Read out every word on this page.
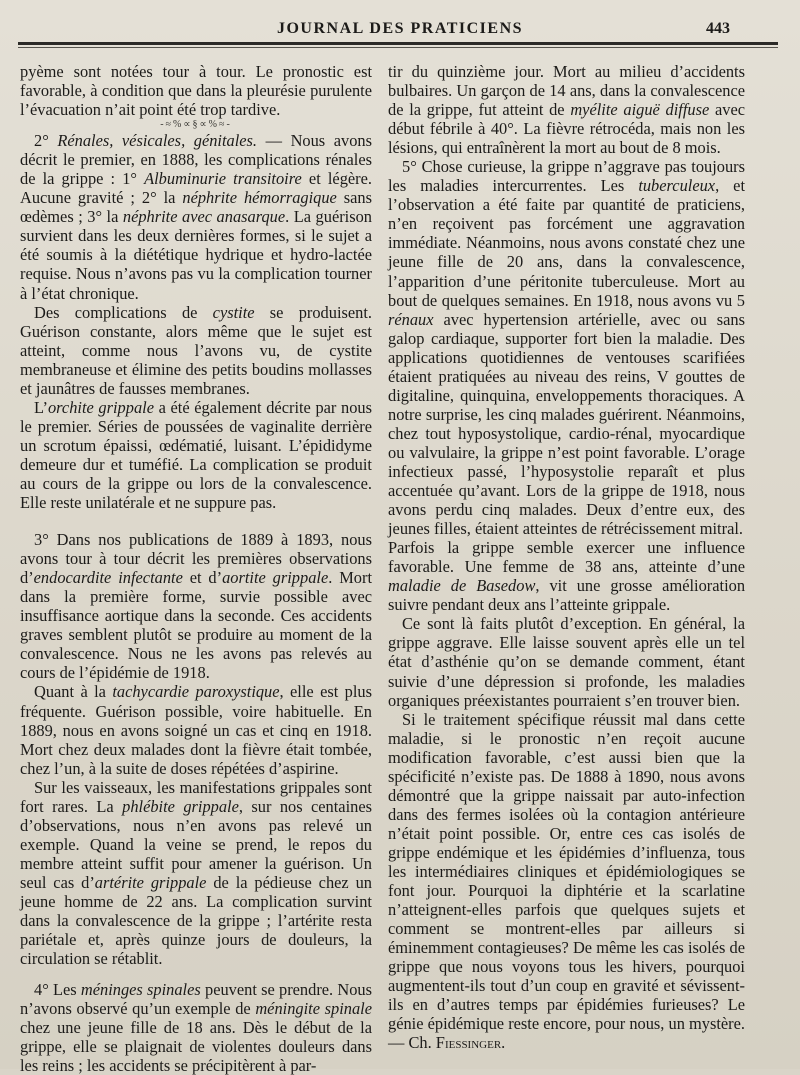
JOURNAL DES PRATICIENS	443

pyème sont notées tour à tour. Le pronostic est favorable, à condition que dans la pleurésie purulente l’évacuation n’ait point été trop tardive.

-≈%∝§∝%≈-

2° Rénales, vésicales, génitales. — Nous avons décrit le premier, en 1888, les complications rénales de la grippe : 1° Albuminurie transitoire et légère. Aucune gravité ; 2° la néphrite hémorragique sans œdèmes ; 3° la néphrite avec anasarque. La guérison survient dans les deux dernières formes, si le sujet a été soumis à la diététique hydrique et hydro-lactée requise. Nous n’avons pas vu la complication tourner à l’état chronique.

Des complications de cystite se produisent. Guérison constante, alors même que le sujet est atteint, comme nous l’avons vu, de cystite membraneuse et élimine des petits boudins mollasses et jaunâtres de fausses membranes.

L’orchite grippale a été également décrite par nous le premier. Séries de poussées de vaginalite derrière un scrotum épaissi, œdématié, luisant. L’épididyme demeure dur et tuméfié. La complication se produit au cours de la grippe ou lors de la convalescence. Elle reste unilatérale et ne suppure pas.

3° Dans nos publications de 1889 à 1893, nous avons tour à tour décrit les premières observations d’endocardite infectante et d’aortite grippale. Mort dans la première forme, survie possible avec insuffisance aortique dans la seconde. Ces accidents graves semblent plutôt se produire au moment de la convalescence. Nous ne les avons pas relevés au cours de l’épidémie de 1918.

Quant à la tachycardie paroxystique, elle est plus fréquente. Guérison possible, voire habituelle. En 1889, nous en avons soigné un cas et cinq en 1918. Mort chez deux malades dont la fièvre était tombée, chez l’un, à la suite de doses répétées d’aspirine.

Sur les vaisseaux, les manifestations grippales sont fort rares. La phlébite grippale, sur nos centaines d’observations, nous n’en avons pas relevé un exemple. Quand la veine se prend, le repos du membre atteint suffit pour amener la guérison. Un seul cas d’artérite grippale de la pédieuse chez un jeune homme de 22 ans. La complication survint dans la convalescence de la grippe ; l’artérite resta pariétale et, après quinze jours de douleurs, la circulation se rétablit.

4° Les méninges spinales peuvent se prendre. Nous n’avons observé qu’un exemple de méningite spinale chez une jeune fille de 18 ans. Dès le début de la grippe, elle se plaignait de violentes douleurs dans les reins ; les accidents se précipitèrent à par-

tir du quinzième jour. Mort au milieu d’accidents bulbaires. Un garçon de 14 ans, dans la convalescence de la grippe, fut atteint de myélite aiguë diffuse avec début fébrile à 40°. La fièvre rétrocéda, mais non les lésions, qui entraînèrent la mort au bout de 8 mois.

5° Chose curieuse, la grippe n’aggrave pas toujours les maladies intercurrentes. Les tuberculeux, et l’observation a été faite par quantité de praticiens, n’en reçoivent pas forcément une aggravation immédiate. Néanmoins, nous avons constaté chez une jeune fille de 20 ans, dans la convalescence, l’apparition d’une péritonite tuberculeuse. Mort au bout de quelques semaines. En 1918, nous avons vu 5 rénaux avec hypertension artérielle, avec ou sans galop cardiaque, supporter fort bien la maladie. Des applications quotidiennes de ventouses scarifiées étaient pratiquées au niveau des reins, V gouttes de digitaline, quinquina, enveloppements thoraciques. A notre surprise, les cinq malades guérirent. Néanmoins, chez tout hyposystolique, cardio-rénal, myocardique ou valvulaire, la grippe n’est point favorable. L’orage infectieux passé, l’hyposystolie reparaît et plus accentuée qu’avant. Lors de la grippe de 1918, nous avons perdu cinq malades. Deux d’entre eux, des jeunes filles, étaient atteintes de rétrécissement mitral.

Parfois la grippe semble exercer une influence favorable. Une femme de 38 ans, atteinte d’une maladie de Basedow, vit une grosse amélioration suivre pendant deux ans l’atteinte grippale.

Ce sont là faits plutôt d’exception. En général, la grippe aggrave. Elle laisse souvent après elle un tel état d’asthénie qu’on se demande comment, étant suivie d’une dépression si profonde, les maladies organiques préexistantes pourraient s’en trouver bien.

Si le traitement spécifique réussit mal dans cette maladie, si le pronostic n’en reçoit aucune modification favorable, c’est aussi bien que la spécificité n’existe pas. De 1888 à 1890, nous avons démontré que la grippe naissait par auto-infection dans des fermes isolées où la contagion antérieure n’était point possible. Or, entre ces cas isolés de grippe endémique et les épidémies d’influenza, tous les intermédiaires cliniques et épidémiologiques se font jour. Pourquoi la diphtérie et la scarlatine n’atteignent-elles parfois que quelques sujets et comment se montrent-elles par ailleurs si éminemment contagieuses? De même les cas isolés de grippe que nous voyons tous les hivers, pourquoi augmentent-ils tout d’un coup en gravité et sévissent-ils en d’autres temps par épidémies furieuses? Le génie épidémique reste encore, pour nous, un mystère. — Ch. Fiessinger.
